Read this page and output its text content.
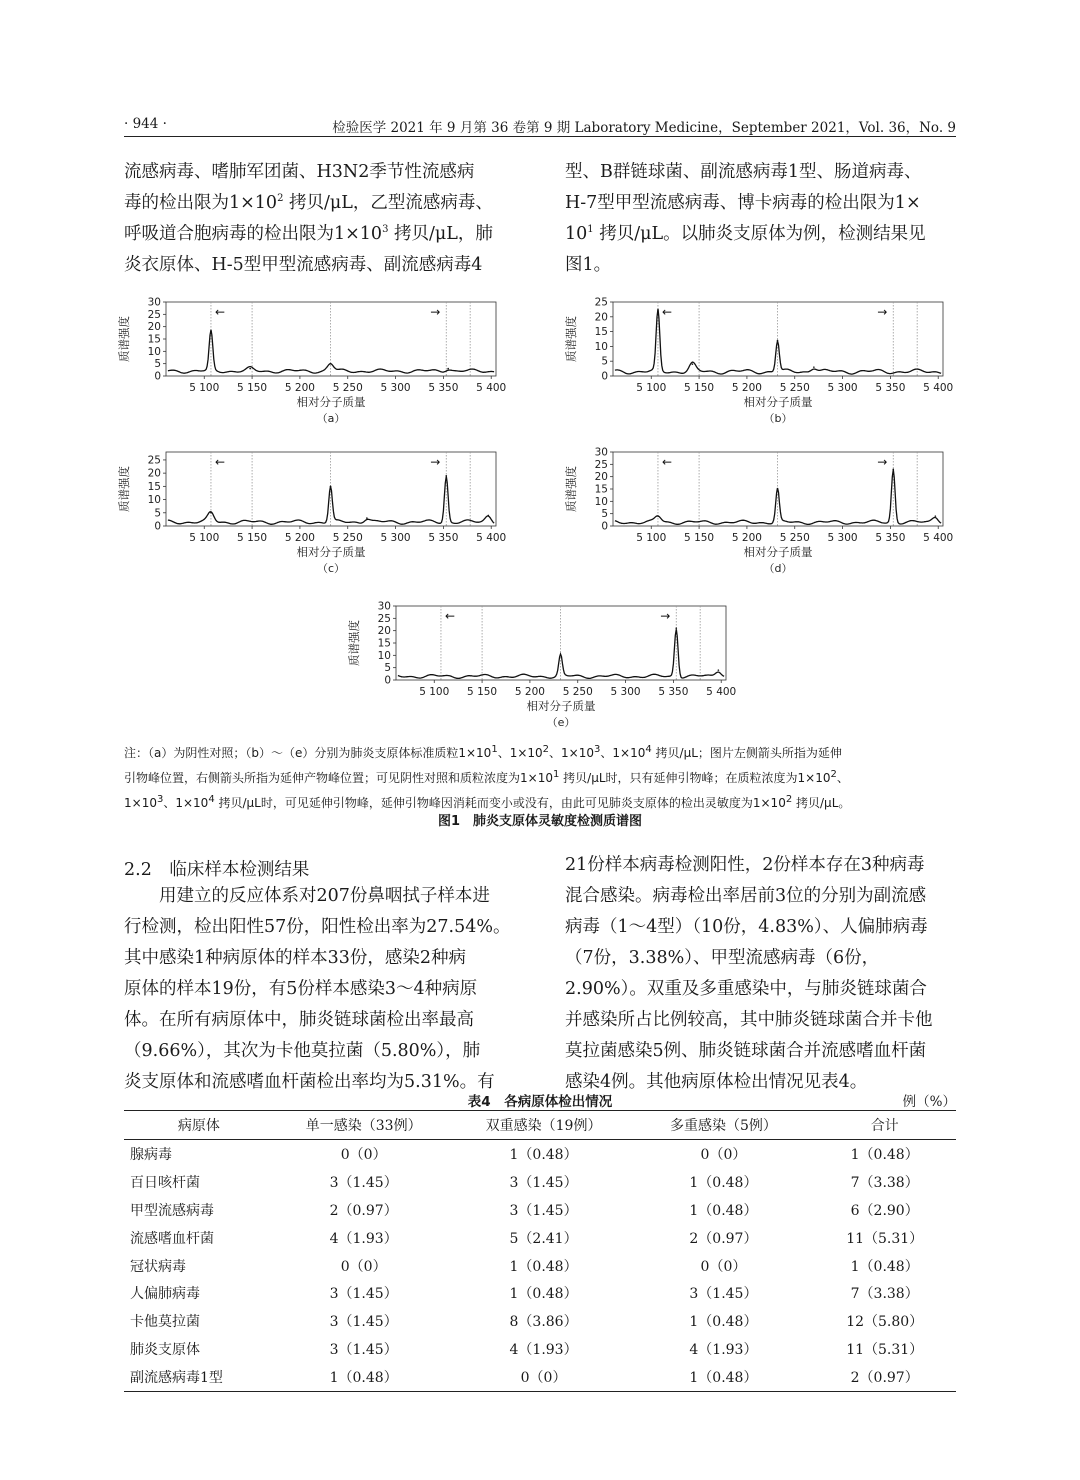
· 944 ·	检验医学 2021 年 9 月第 36 卷第 9 期 Laboratory Medicine，September 2021，Vol. 36，No. 9

流感病毒、嗜肺军团菌、H3N2季节性流感病

毒的检出限为$1\times 10^2$ 拷贝/μL，乙型流感病毒、

呼吸道合胞病毒的检出限为$1\times 10^3$ 拷贝/μL，肺

炎衣原体、H-5型甲型流感病毒、副流感病毒4

型、B群链球菌、副流感病毒1型、肠道病毒、

H-7型甲型流感病毒、博卡病毒的检出限为1×

$10^1$ 拷贝/μL。以肺炎支原体为例，检测结果见

图1。

0
5
10
15
20
25
30
5 100 5 150 5 200 5 250 5 300 5 350 5 400
质谱强度
相对分子质量
（a）
←	→
0
5
10
15
20
25
5 100 5 150 5 200 5 250 5 300 5 350 5 400
质谱强度
相对分子质量
（b）
←	→
0
5
10
15
20
25
5 100 5 150 5 200 5 250 5 300 5 350 5 400
质谱强度
相对分子质量
（c）
←	→
0
5
10
15
20
25
30
5 100 5 150 5 200 5 250 5 300 5 350 5 400
质谱强度
相对分子质量
（d）
←	→
0
5
10
15
20
25
30
5 100 5 150 5 200 5 250 5 300 5 350 5 400
质谱强度
相对分子质量
（e）
←	→
注：（a）为阴性对照；（b）～（e）分别为肺炎支原体标准质粒$1\times 10^1$、$1\times 10^2$、$1\times 10^3$、$1\times 10^4$ 拷贝/μL；图片左侧箭头所指为延伸
引物峰位置，右侧箭头所指为延伸产物峰位置；可见阴性对照和质粒浓度为$1\times 10^1$ 拷贝/μL时，只有延伸引物峰；在质粒浓度为$1\times 10^2$、
$1\times 10^3$、$1\times 10^4$ 拷贝/μL时，可见延伸引物峰，延伸引物峰因消耗而变小或没有，由此可见肺炎支原体的检出灵敏度为$1\times 10^2$ 拷贝/μL。
图1　肺炎支原体灵敏度检测质谱图
2.2　临床样本检测结果

　　用建立的反应体系对207份鼻咽拭子样本进

行检测，检出阳性57份，阳性检出率为27.54%。

其中感染1种病原体的样本33份，感染2种病

原体的样本19份，有5份样本感染3～4种病原

体。在所有病原体中，肺炎链球菌检出率最高

（9.66%），其次为卡他莫拉菌（5.80%），肺

炎支原体和流感嗜血杆菌检出率均为5.31%。有

21份样本病毒检测阳性，2份样本存在3种病毒

混合感染。病毒检出率居前3位的分别为副流感

病毒（1～4型）（10份，4.83%）、人偏肺病毒

（7份，3.38%）、甲型流感病毒（6份，

2.90%）。双重及多重感染中，与肺炎链球菌合

并感染所占比例较高，其中肺炎链球菌合并卡他

莫拉菌感染5例、肺炎链球菌合并流感嗜血杆菌

感染4例。其他病原体检出情况见表4。

表4　各病原体检出情况	例（%）
病原体	单一感染（33例）	双重感染（19例）	多重感染（5例）	合计
腺病毒	0（0）	1（0.48）	0（0）	1（0.48）
百日咳杆菌	3（1.45）	3（1.45）	1（0.48）	7（3.38）
甲型流感病毒	2（0.97）	3（1.45）	1（0.48）	6（2.90）
流感嗜血杆菌	4（1.93）	5（2.41）	2（0.97）	11（5.31）
冠状病毒	0（0）	1（0.48）	0（0）	1（0.48）
人偏肺病毒	3（1.45）	1（0.48）	3（1.45）	7（3.38）
卡他莫拉菌	3（1.45）	8（3.86）	1（0.48）	12（5.80）
肺炎支原体	3（1.45）	4（1.93）	4（1.93）	11（5.31）
副流感病毒1型	1（0.48）	0（0）	1（0.48）	2（0.97）
